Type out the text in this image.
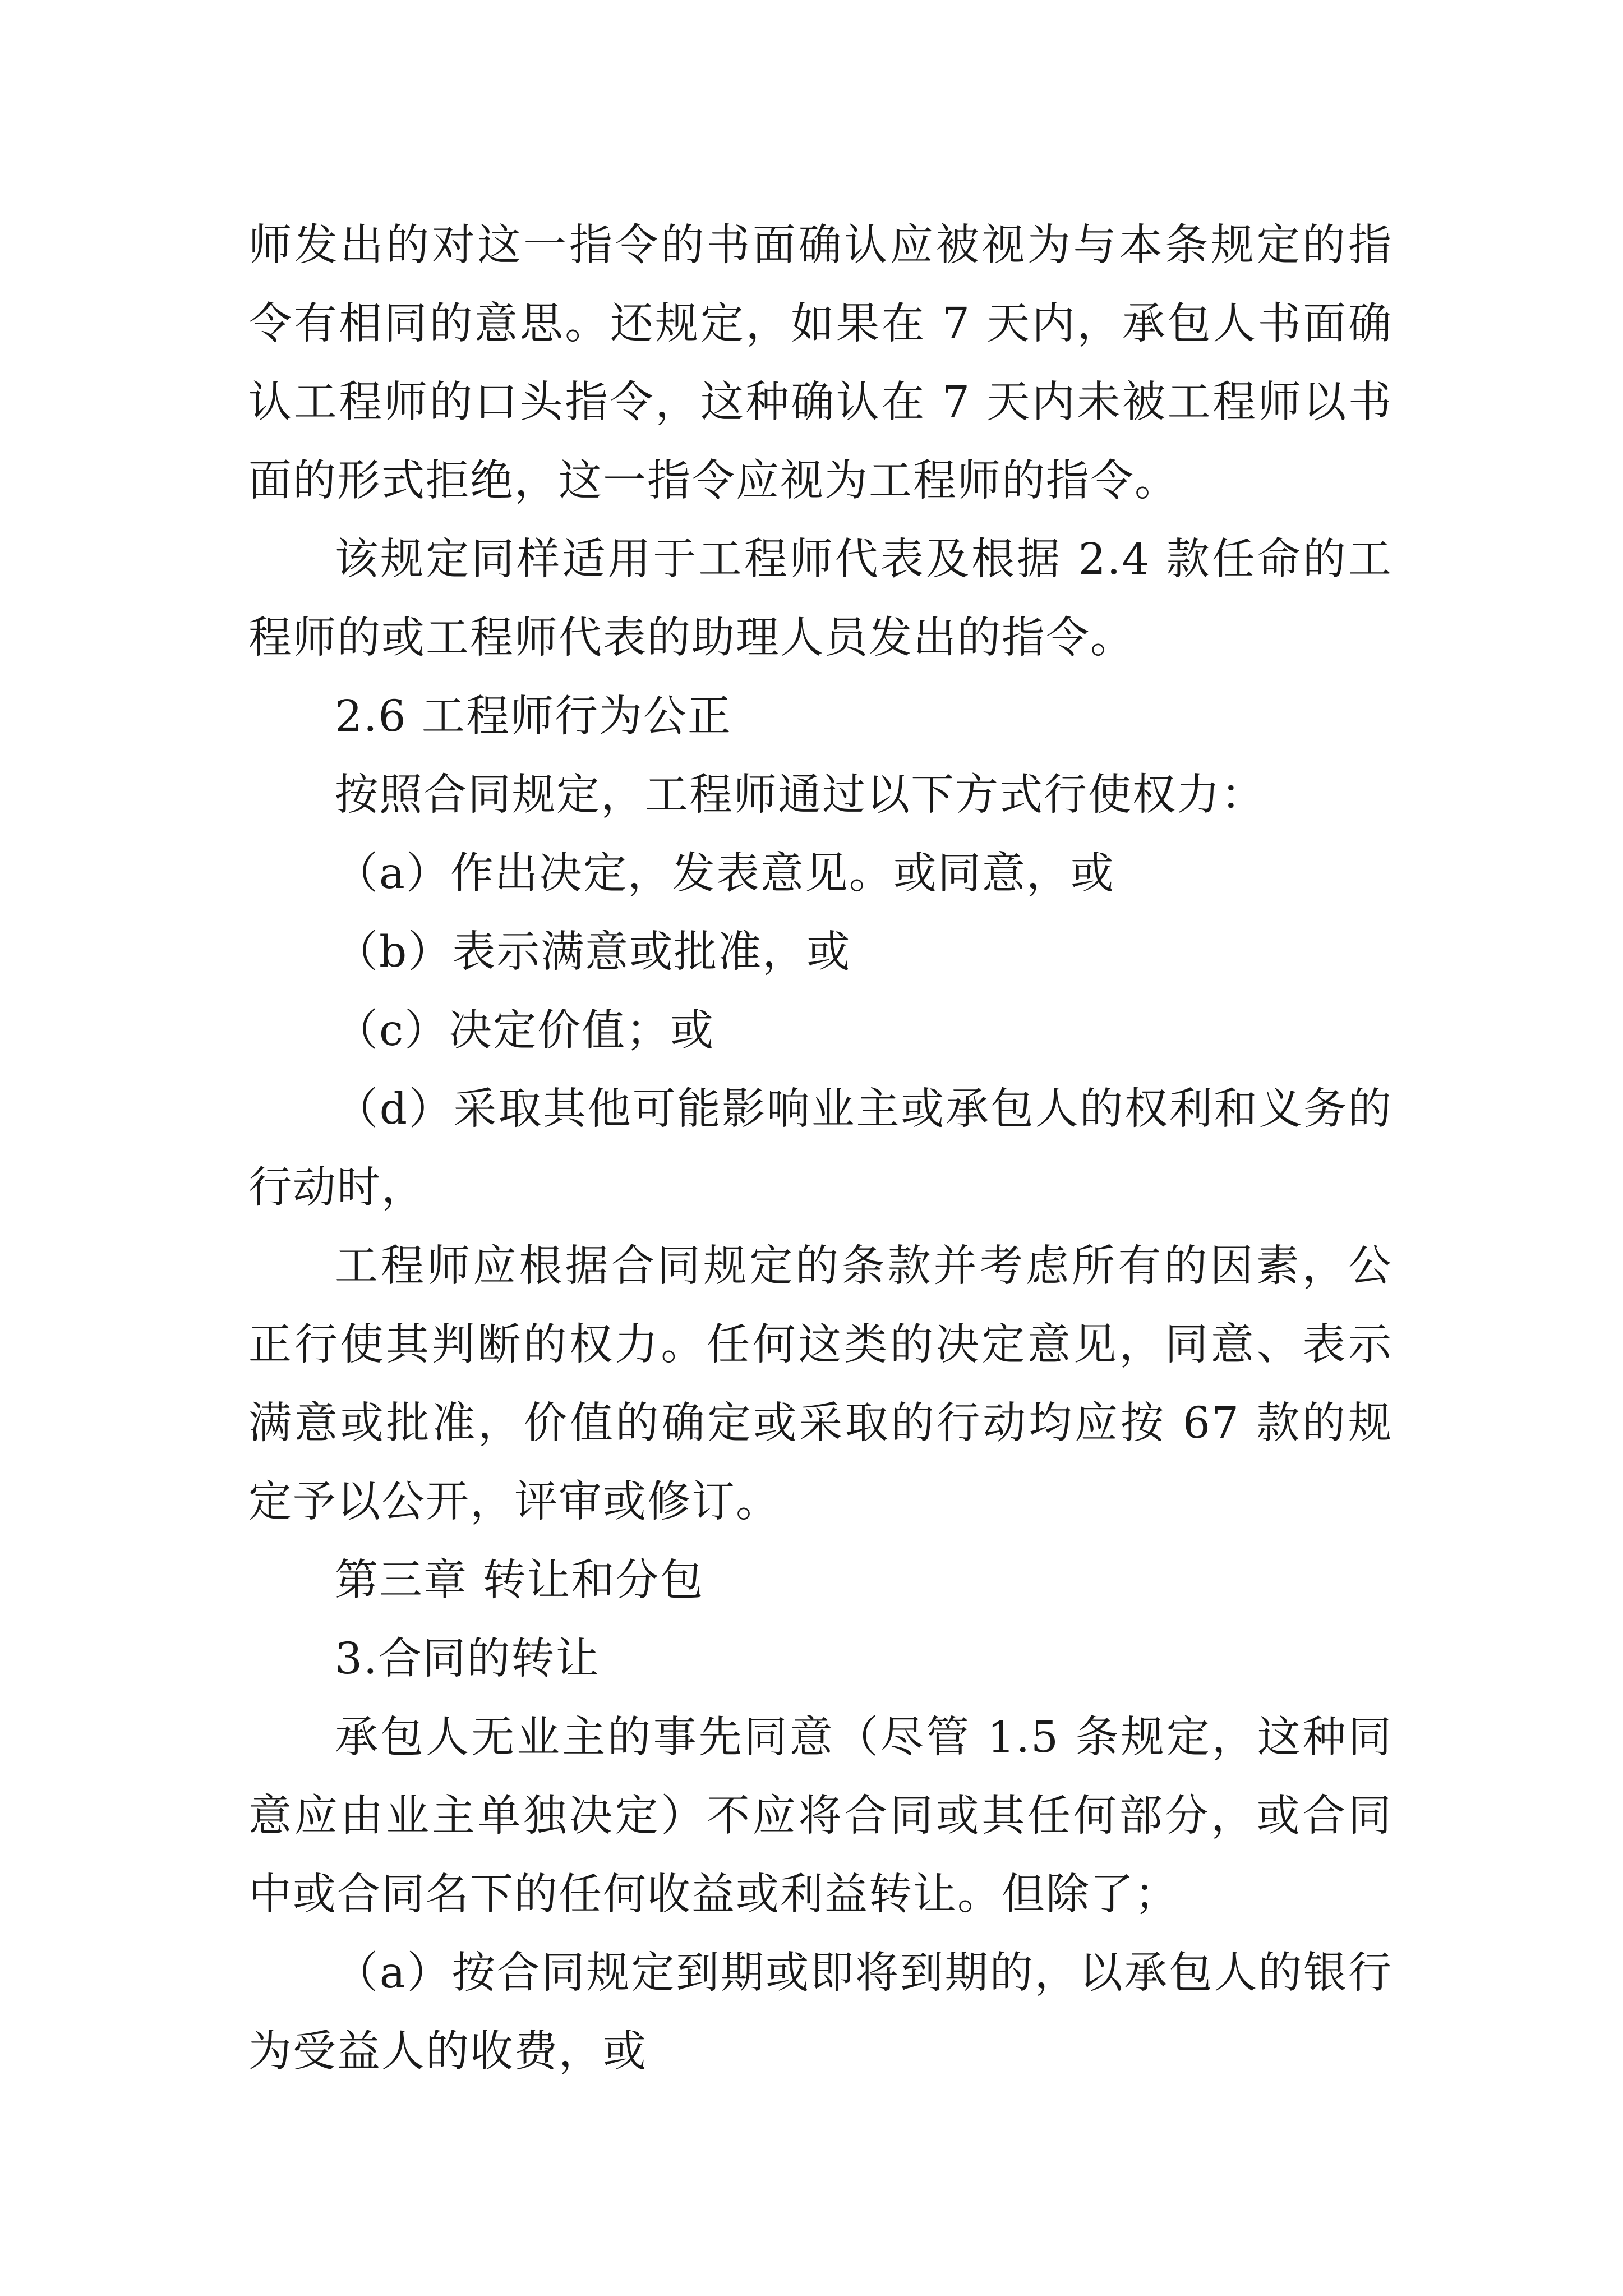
师发出的对这一指令的书面确认应被视为与本条规定的指令有相同的意思。还规定，如果在 7 天内，承包人书面确认工程师的口头指令，这种确认在 7 天内未被工程师以书面的形式拒绝，这一指令应视为工程师的指令。

该规定同样适用于工程师代表及根据 2.4 款任命的工程师的或工程师代表的助理人员发出的指令。

2.6 工程师行为公正

按照合同规定，工程师通过以下方式行使权力：

（a）作出决定，发表意见。或同意，或

（b）表示满意或批准，或

（c）决定价值；或

（d）采取其他可能影响业主或承包人的权利和义务的行动时，

工程师应根据合同规定的条款并考虑所有的因素，公正行使其判断的权力。任何这类的决定意见，同意、表示满意或批准，价值的确定或采取的行动均应按 67 款的规定予以公开，评审或修订。

第三章 转让和分包

3.合同的转让

承包人无业主的事先同意（尽管 1.5 条规定，这种同意应由业主单独决定）不应将合同或其任何部分，或合同中或合同名下的任何收益或利益转让。但除了；

（a）按合同规定到期或即将到期的，以承包人的银行为受益人的收费，或
